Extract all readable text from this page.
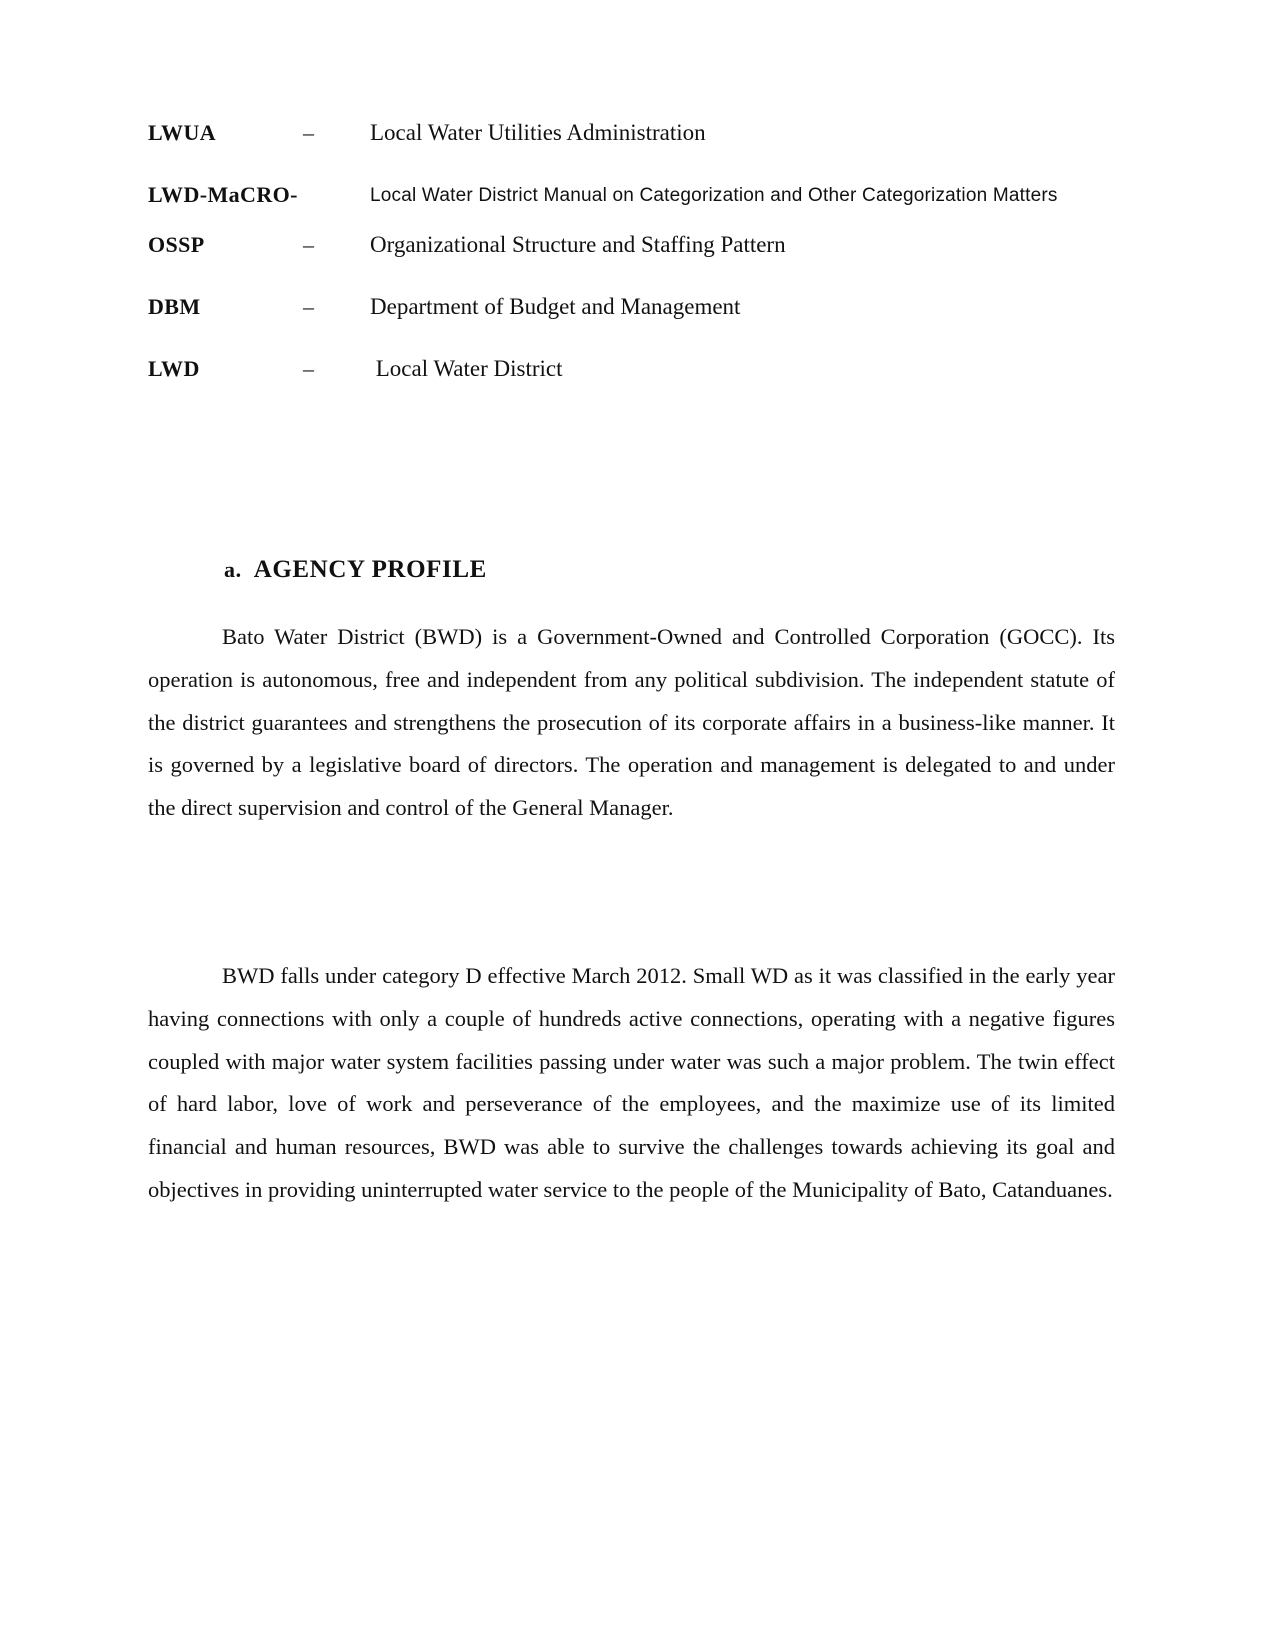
LWUA	– Local Water Utilities Administration
LWD-MaCRO-	Local Water District Manual on Categorization and Other Categorization Matters
OSSP	– Organizational Structure and Staffing Pattern
DBM	– Department of Budget and Management
LWD	– Local Water District
a. AGENCY PROFILE

Bato Water District (BWD) is a Government-Owned and Controlled Corporation (GOCC). Its operation is autonomous, free and independent from any political subdivision. The independent statute of the district guarantees and strengthens the prosecution of its corporate affairs in a business-like manner. It is governed by a legislative board of directors. The operation and management is delegated to and under the direct supervision and control of the General Manager.

BWD falls under category D effective March 2012. Small WD as it was classified in the early year having connections with only a couple of hundreds active connections, operating with a negative figures coupled with major water system facilities passing under water was such a major problem. The twin effect of hard labor, love of work and perseverance of the employees, and the maximize use of its limited financial and human resources, BWD was able to survive the challenges towards achieving its goal and objectives in providing uninterrupted water service to the people of the Municipality of Bato, Catanduanes.
